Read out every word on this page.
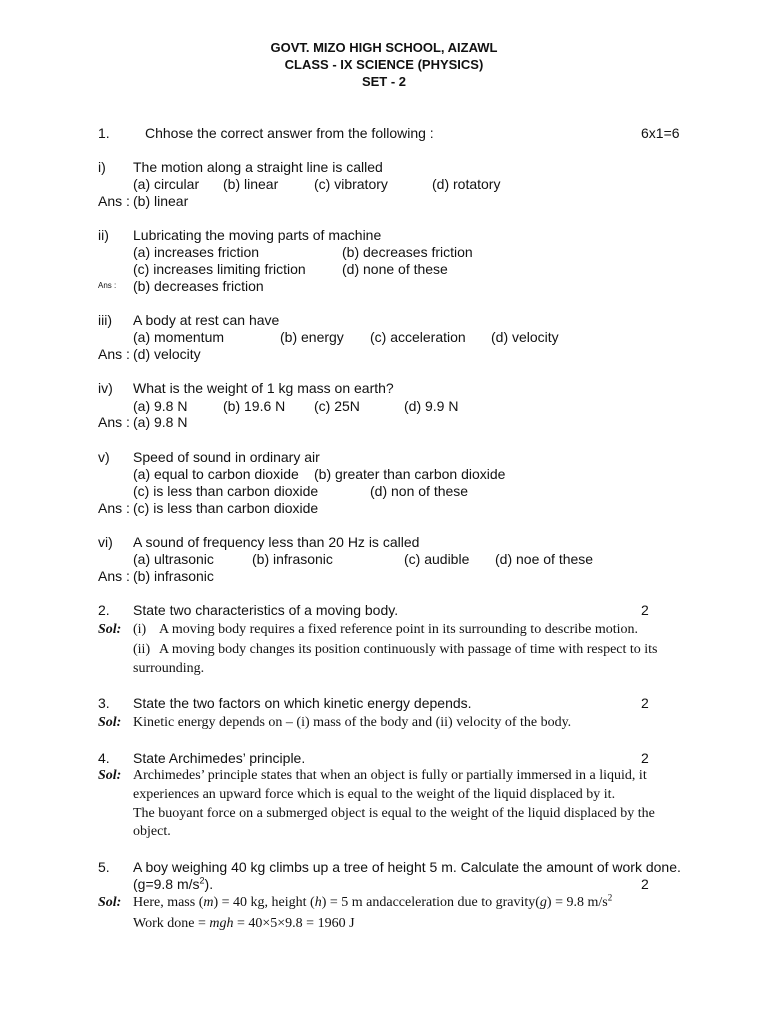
GOVT. MIZO HIGH SCHOOL, AIZAWL
CLASS - IX SCIENCE (PHYSICS)
SET - 2
1.	Chhose the correct answer from the following :	6x1=6
i) The motion along a straight line is called
(a) circular (b) linear	(c) vibratory	(d) rotatory
Ans : (b) linear
ii) Lubricating the moving parts of machine
(a) increases friction	(b) decreases friction
(c) increases limiting friction	(d) none of these
Ans : (b) decreases friction
iii) A body at rest can have
(a) momentum	(b) energy (c) acceleration (d) velocity
Ans : (d) velocity
iv) What is the weight of 1 kg mass on earth?
(a) 9.8 N	(b) 19.6 N (c) 25N	(d) 9.9 N
Ans : (a) 9.8 N
v) Speed of sound in ordinary air
(a) equal to carbon dioxide (b) greater than carbon dioxide
(c) is less than carbon dioxide	(d) non of these
Ans : (c) is less than carbon dioxide
vi) A sound of frequency less than 20 Hz is called
(a) ultrasonic	(b) infrasonic	(c) audible (d) noe of these
Ans : (b) infrasonic
2. State two characteristics of a moving body.	2
Sol: (i) A moving body requires a fixed reference point in its surrounding to describe motion.
(ii) A moving body changes its position continuously with passage of time with respect to its
surrounding.
3. State the two factors on which kinetic energy depends.	2
Sol: Kinetic energy depends on – (i) mass of the body and (ii) velocity of the body.
4. State Archimedes’ principle.	2
Sol: Archimedes’ principle states that when an object is fully or partially immersed in a liquid, it
experiences an upward force which is equal to the weight of the liquid displaced by it.
The buoyant force on a submerged object is equal to the weight of the liquid displaced by the
object.
5. A boy weighing 40 kg climbs up a tree of height 5 m. Calculate the amount of work done.
(g=9.8 $m/s^2$).	2
Sol: Here, mass (m) = 40 kg, height (h) = 5 m andacceleration due to gravity(g) = 9.8 $m/s^2$
Work done = mgh = 40×5×9.8 = 1960 J
